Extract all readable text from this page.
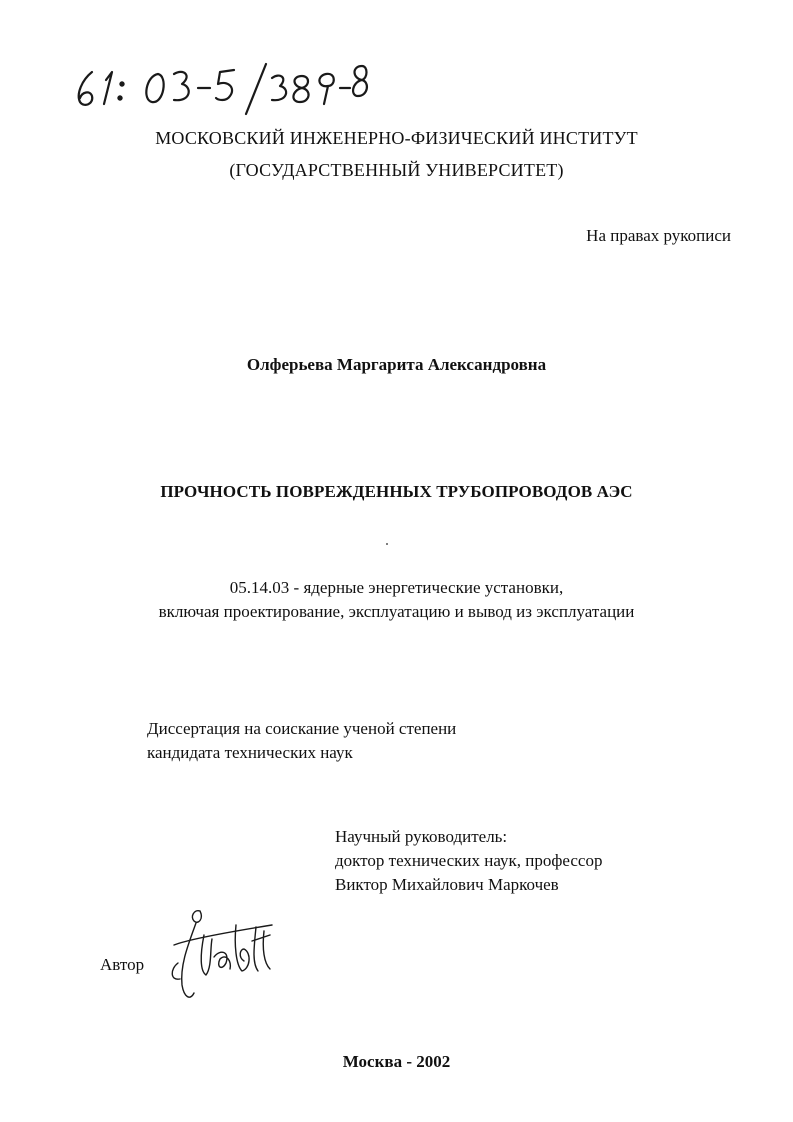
МОСКОВСКИЙ ИНЖЕНЕРНО-ФИЗИЧЕСКИЙ ИНСТИТУТ
(ГОСУДАРСТВЕННЫЙ УНИВЕРСИТЕТ)
На правах рукописи
Олферьева Маргарита Александровна
ПРОЧНОСТЬ ПОВРЕЖДЕННЫХ ТРУБОПРОВОДОВ АЭС
05.14.03 - ядерные энергетические установки,
включая проектирование, эксплуатацию и вывод из эксплуатации
Диссертация на соискание ученой степени
кандидата технических наук
Научный руководитель:
доктор технических наук, профессор
Виктор Михайлович Маркочев
Автор
Москва - 2002
